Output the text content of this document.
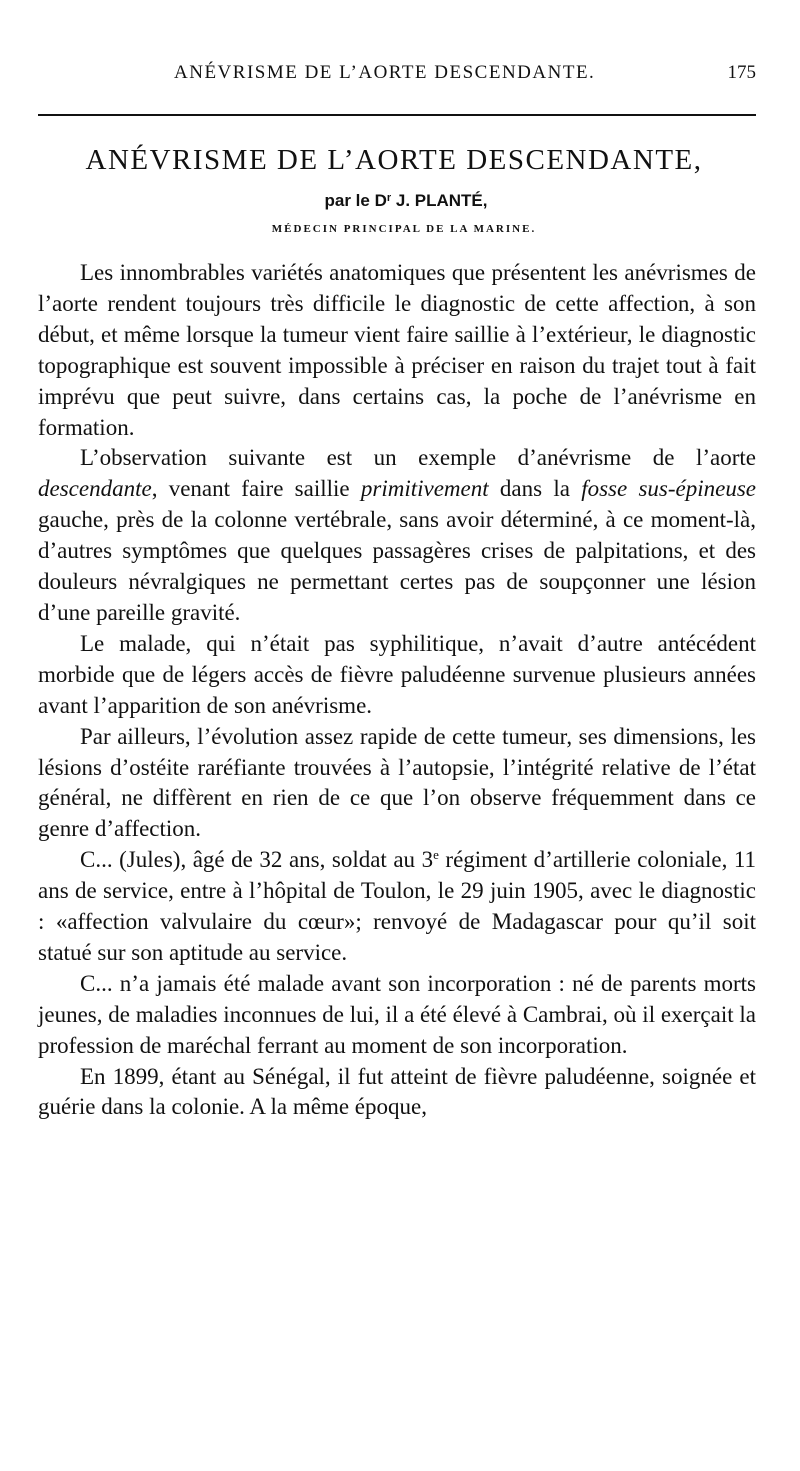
ANÉVRISME DE L’AORTE DESCENDANTE.	175
ANÉVRISME DE L’AORTE DESCENDANTE,
par le $D^r$ J. PLANTÉ,
MÉDECIN PRINCIPAL DE LA MARINE.

Les innombrables variétés anatomiques que présentent les anévrismes de l’aorte rendent toujours très difficile le diagnostic de cette affection, à son début, et même lorsque la tumeur vient faire saillie à l’extérieur, le diagnostic topographique est souvent impossible à préciser en raison du trajet tout à fait imprévu que peut suivre, dans certains cas, la poche de l’anévrisme en formation.

L’observation suivante est un exemple d’anévrisme de l’aorte descendante, venant faire saillie primitivement dans la fosse sus-épineuse gauche, près de la colonne vertébrale, sans avoir déterminé, à ce moment-là, d’autres symptômes que quelques passagères crises de palpitations, et des douleurs névralgiques ne permettant certes pas de soupçonner une lésion d’une pareille gravité.

Le malade, qui n’était pas syphilitique, n’avait d’autre antécédent morbide que de légers accès de fièvre paludéenne survenue plusieurs années avant l’apparition de son anévrisme.

Par ailleurs, l’évolution assez rapide de cette tumeur, ses dimensions, les lésions d’ostéite raréfiante trouvées à l’autopsie, l’intégrité relative de l’état général, ne diffèrent en rien de ce que l’on observe fréquemment dans ce genre d’affection.

C... (Jules), âgé de 32 ans, soldat au 3e régiment d’artillerie coloniale, 11 ans de service, entre à l’hôpital de Toulon, le 29 juin 1905, avec le diagnostic : «affection valvulaire du cœur»; renvoyé de Madagascar pour qu’il soit statué sur son aptitude au service.

C... n’a jamais été malade avant son incorporation : né de parents morts jeunes, de maladies inconnues de lui, il a été élevé à Cambrai, où il exerçait la profession de maréchal ferrant au moment de son incorporation.

En 1899, étant au Sénégal, il fut atteint de fièvre paludéenne, soignée et guérie dans la colonie. A la même époque,
